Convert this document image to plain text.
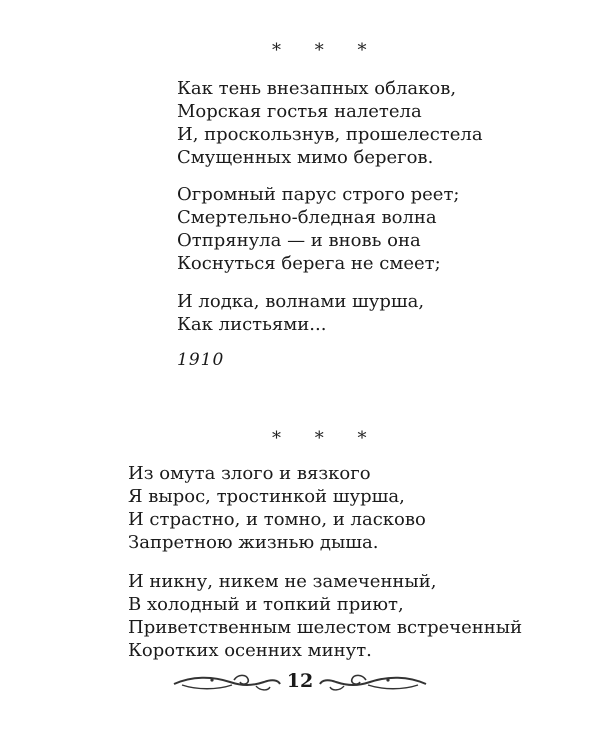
* * *
Как тень внезапных облаков,
Морская гостья налетела
И, проскользнув, прошелестела
Смущенных мимо берегов.
Огромный парус строго реет;
Смертельно-бледная волна
Отпрянула — и вновь она
Коснуться берега не смеет;
И лодка, волнами шурша,
Как листьями...
1910
* * *
Из омута злого и вязкого
Я вырос, тростинкой шурша,
И страстно, и томно, и ласково
Запретною жизнью дыша.
И никну, никем не замеченный,
В холодный и топкий приют,
Приветственным шелестом встреченный
Коротких осенних минут.
12
